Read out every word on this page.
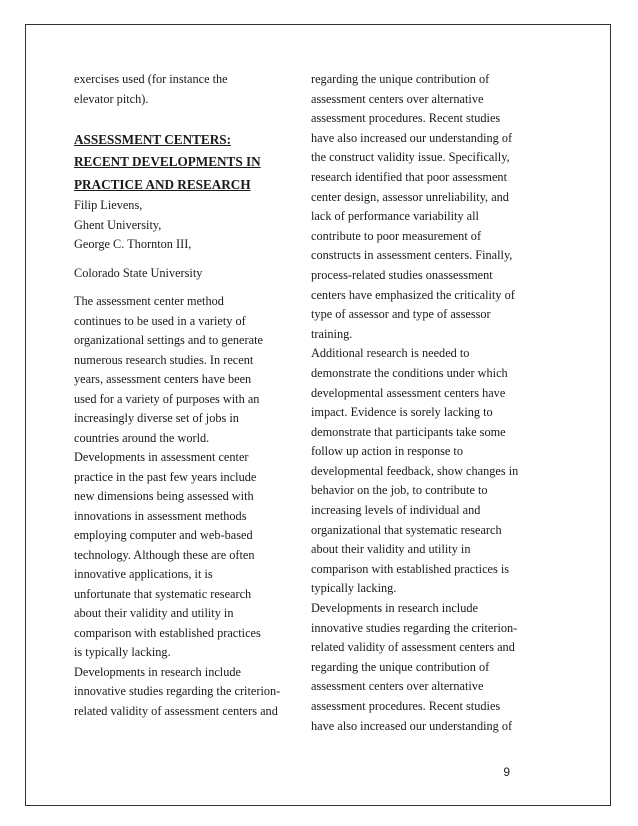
exercises used (for instance the
elevator pitch).
ASSESSMENT CENTERS:
RECENT DEVELOPMENTS IN
PRACTICE AND RESEARCH
Filip Lievens,
Ghent University,
George C. Thornton III,
Colorado State University
The assessment center method
continues to be used in a variety of
organizational settings and to generate
numerous research studies. In recent
years, assessment centers have been
used for a variety of purposes with an
increasingly diverse set of jobs in
countries around the world.
Developments in assessment center
practice in the past few years include
new dimensions being assessed with
innovations in assessment methods
employing computer and web-based
technology. Although these are often
innovative applications, it is
unfortunate that systematic research
about their validity and utility in
comparison with established practices
is typically lacking.
Developments in research include
innovative studies regarding the criterion-
related validity of assessment centers and
regarding the unique contribution of
assessment centers over alternative
assessment procedures. Recent studies
have also increased our understanding of
the construct validity issue. Specifically,
research identified that poor assessment
center design, assessor unreliability, and
lack of performance variability all
contribute to poor measurement of
constructs in assessment centers. Finally,
process-related studies onassessment
centers have emphasized the criticality of
type of assessor and type of assessor
training.
Additional research is needed to
demonstrate the conditions under which
developmental assessment centers have
impact. Evidence is sorely lacking to
demonstrate that participants take some
follow up action in response to
developmental feedback, show changes in
behavior on the job, to contribute to
increasing levels of individual and
organizational that systematic research
about their validity and utility in
comparison with established practices is
typically lacking.
Developments in research include
innovative studies regarding the criterion-
related validity of assessment centers and
regarding the unique contribution of
assessment centers over alternative
assessment procedures. Recent studies
have also increased our understanding of
9
